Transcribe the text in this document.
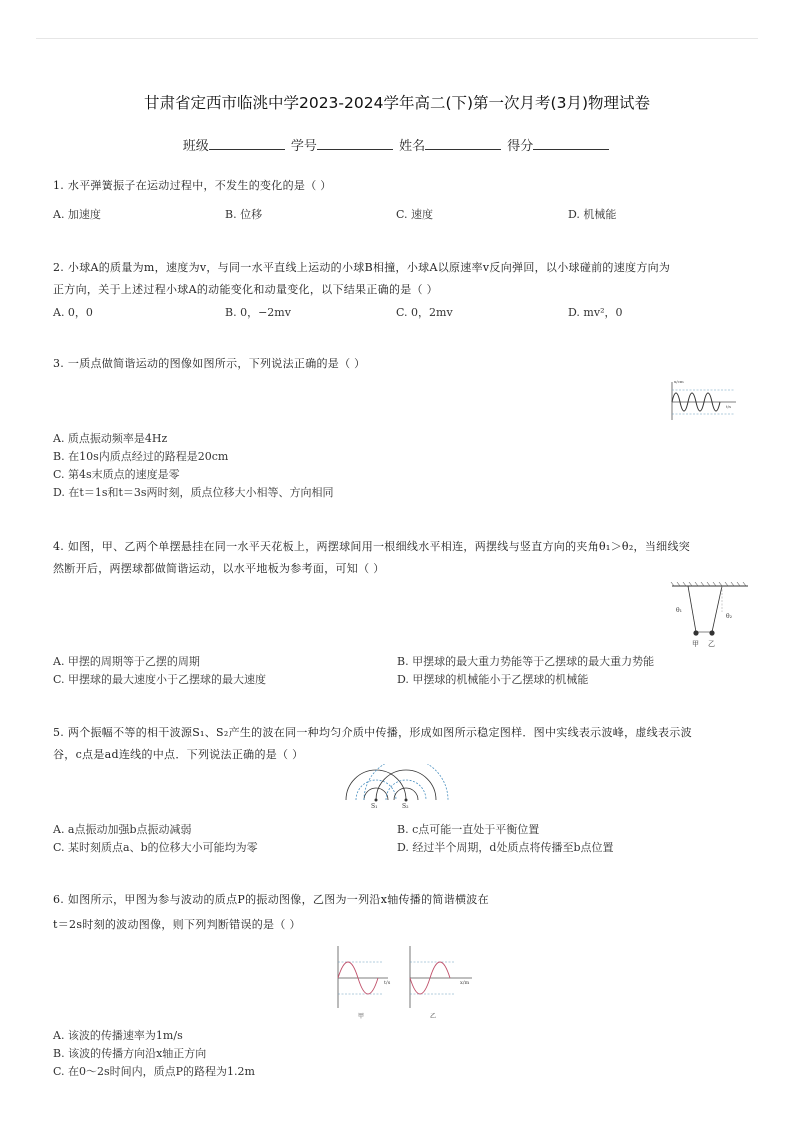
甘肃省定西市临洮中学2023-2024学年高二(下)第一次月考(3月)物理试卷
班级	学号	姓名	得分
1. 水平弹簧振子在运动过程中，不发生的变化的是（ ）
A. 加速度	B. 位移	C. 速度	D. 机械能
2. 小球A的质量为m，速度为v，与同一水平直线上运动的小球B相撞，小球A以原速率v反向弹回，以小球碰前的速度方向为
正方向，关于上述过程小球A的动能变化和动量变化，以下结果正确的是（ ）
A. 0，0	B. 0，−2mv	C. 0，2mv	D. mv²，0
3. 一质点做简谐运动的图像如图所示，下列说法正确的是（ ）
x/cm
t/s
A. 质点振动频率是4Hz
B. 在10s内质点经过的路程是20cm
C. 第4s末质点的速度是零
D. 在t＝1s和t＝3s两时刻，质点位移大小相等、方向相同
4. 如图，甲、乙两个单摆悬挂在同一水平天花板上，两摆球间用一根细线水平相连，两摆线与竖直方向的夹角θ₁＞θ₂，当细线突
然断开后，两摆球都做简谐运动，以水平地板为参考面，可知（ ）
θ₁
θ₂
甲 乙
A. 甲摆的周期等于乙摆的周期	B. 甲摆球的最大重力势能等于乙摆球的最大重力势能
C. 甲摆球的最大速度小于乙摆球的最大速度	D. 甲摆球的机械能小于乙摆球的机械能
5. 两个振幅不等的相干波源S₁、S₂产生的波在同一种均匀介质中传播，形成如图所示稳定图样．图中实线表示波峰，虚线表示波
谷，c点是ad连线的中点．下列说法正确的是（ ）
S₁	S₂
A. a点振动加强b点振动减弱	B. c点可能一直处于平衡位置
C. 某时刻质点a、b的位移大小可能均为零	D. 经过半个周期，d处质点将传播至b点位置
6. 如图所示，甲图为参与波动的质点P的振动图像，乙图为一列沿x轴传播的简谐横波在
t＝2s时刻的波动图像，则下列判断错误的是（ ）
t/s
甲
x/m
乙
A. 该波的传播速率为1m/s
B. 该波的传播方向沿x轴正方向
C. 在0～2s时间内，质点P的路程为1.2m
